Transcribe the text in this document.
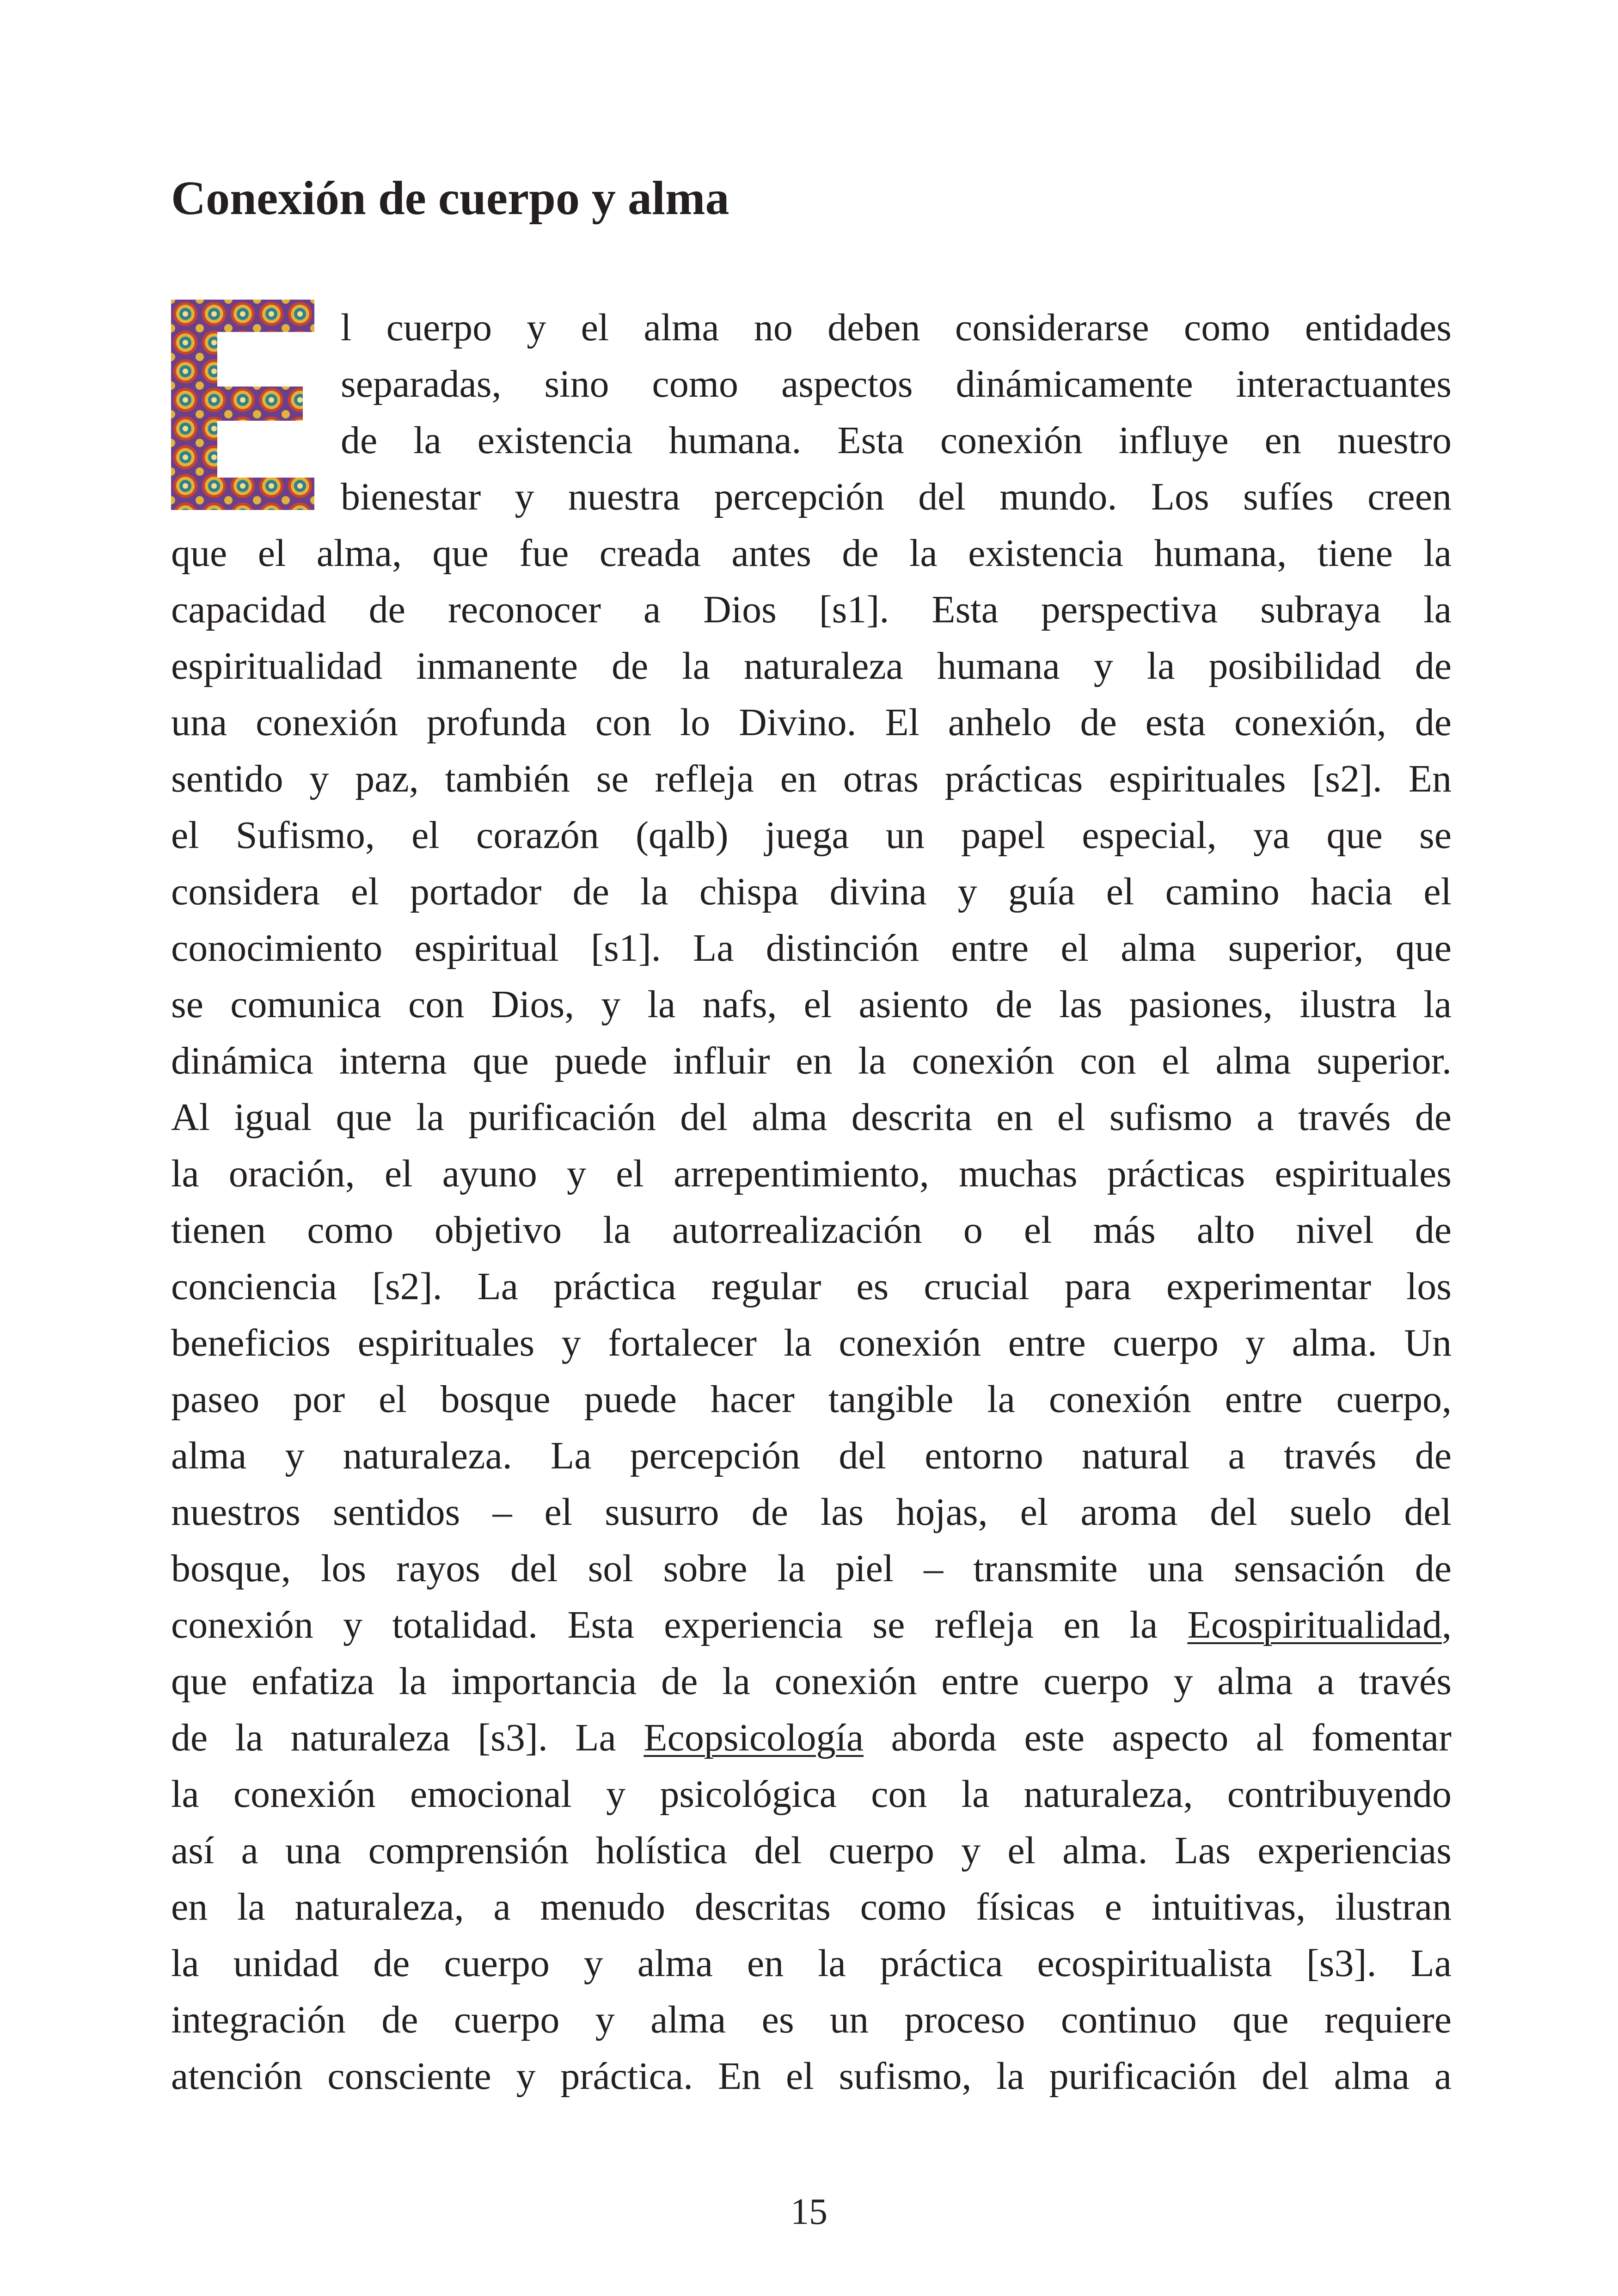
Conexión de cuerpo y alma
l cuerpo y el alma no deben considerarse como entidades
separadas, sino como aspectos dinámicamente interactuantes
de la existencia humana. Esta conexión influye en nuestro
bienestar y nuestra percepción del mundo. Los sufíes creen
que el alma, que fue creada antes de la existencia humana, tiene la
capacidad de reconocer a Dios [s1]. Esta perspectiva subraya la
espiritualidad inmanente de la naturaleza humana y la posibilidad de
una conexión profunda con lo Divino. El anhelo de esta conexión, de
sentido y paz, también se refleja en otras prácticas espirituales [s2]. En
el Sufismo, el corazón (qalb) juega un papel especial, ya que se
considera el portador de la chispa divina y guía el camino hacia el
conocimiento espiritual [s1]. La distinción entre el alma superior, que
se comunica con Dios, y la nafs, el asiento de las pasiones, ilustra la
dinámica interna que puede influir en la conexión con el alma superior.
Al igual que la purificación del alma descrita en el sufismo a través de
la oración, el ayuno y el arrepentimiento, muchas prácticas espirituales
tienen como objetivo la autorrealización o el más alto nivel de
conciencia [s2]. La práctica regular es crucial para experimentar los
beneficios espirituales y fortalecer la conexión entre cuerpo y alma. Un
paseo por el bosque puede hacer tangible la conexión entre cuerpo,
alma y naturaleza. La percepción del entorno natural a través de
nuestros sentidos – el susurro de las hojas, el aroma del suelo del
bosque, los rayos del sol sobre la piel – transmite una sensación de
conexión y totalidad. Esta experiencia se refleja en la Ecospiritualidad,
que enfatiza la importancia de la conexión entre cuerpo y alma a través
de la naturaleza [s3]. La Ecopsicología aborda este aspecto al fomentar
la conexión emocional y psicológica con la naturaleza, contribuyendo
así a una comprensión holística del cuerpo y el alma. Las experiencias
en la naturaleza, a menudo descritas como físicas e intuitivas, ilustran
la unidad de cuerpo y alma en la práctica ecospiritualista [s3]. La
integración de cuerpo y alma es un proceso continuo que requiere
atención consciente y práctica. En el sufismo, la purificación del alma a
15
